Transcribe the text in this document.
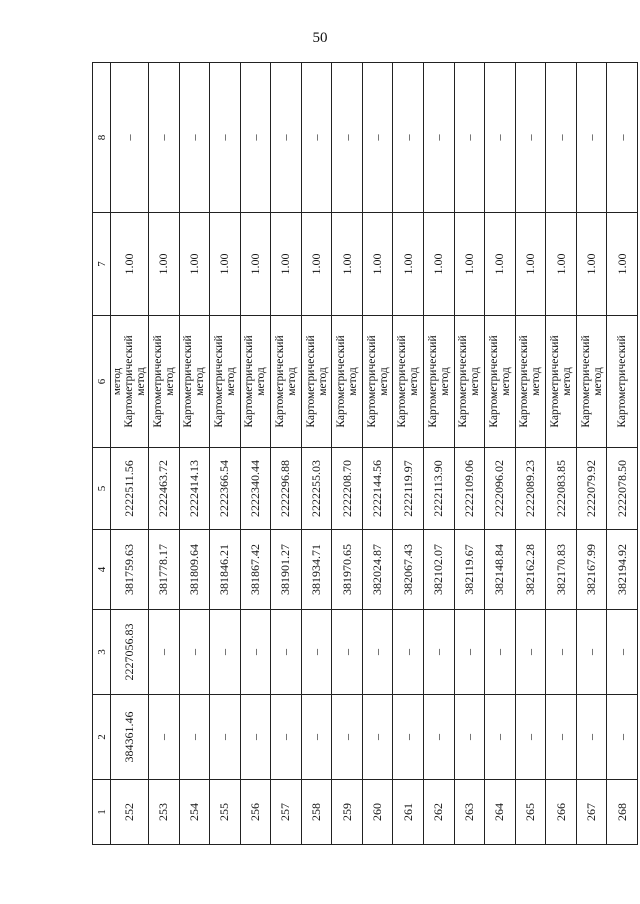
50
1	2	3	4	5	6	7	8
252	384361.46	2227056.83	381759.63	2222511.56	метод Картометрический метод	1.00	–
253	–	–	381778.17	2222463.72	Картометрический метод	1.00	–
254	–	–	381809.64	2222414.13	Картометрический метод	1.00	–
255	–	–	381846.21	2222366.54	Картометрический метод	1.00	–
256	–	–	381867.42	2222340.44	Картометрический метод	1.00	–
257	–	–	381901.27	2222296.88	Картометрический метод	1.00	–
258	–	–	381934.71	2222255.03	Картометрический метод	1.00	–
259	–	–	381970.65	2222208.70	Картометрический метод	1.00	–
260	–	–	382024.87	2222144.56	Картометрический метод	1.00	–
261	–	–	382067.43	2222119.97	Картометрический метод	1.00	–
262	–	–	382102.07	2222113.90	Картометрический метод	1.00	–
263	–	–	382119.67	2222109.06	Картометрический метод	1.00	–
264	–	–	382148.84	2222096.02	Картометрический метод	1.00	–
265	–	–	382162.28	2222089.23	Картометрический метод	1.00	–
266	–	–	382170.83	2222083.85	Картометрический метод	1.00	–
267	–	–	382167.99	2222079.92	Картометрический метод	1.00	–
268	–	–	382194.92	2222078.50	Картометрический	1.00	–
